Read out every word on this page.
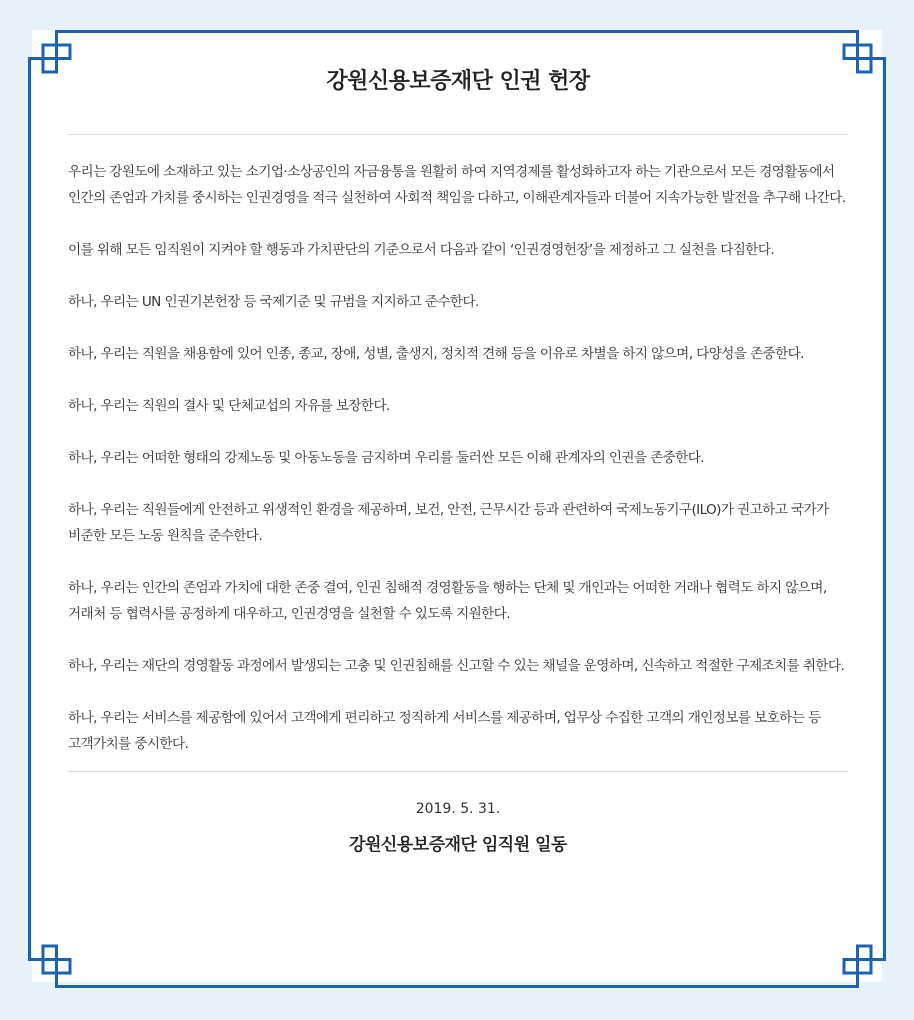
강원신용보증재단 인권 헌장

우리는 강원도에 소재하고 있는 소기업·소상공인의 자금융통을 원활히 하여 지역경제를 활성화하고자 하는 기관으로서 모든 경영활동에서 인간의 존엄과 가치를 중시하는 인권경영을 적극 실천하여 사회적 책임을 다하고, 이해관계자들과 더불어 지속가능한 발전을 추구해 나간다.

이를 위해 모든 임직원이 지켜야 할 행동과 가치판단의 기준으로서 다음과 같이 ‘인권경영헌장’을 제정하고 그 실천을 다짐한다.

하나, 우리는 UN 인권기본헌장 등 국제기준 및 규범을 지지하고 준수한다.

하나, 우리는 직원을 채용함에 있어 인종, 종교, 장애, 성별, 출생지, 정치적 견해 등을 이유로 차별을 하지 않으며, 다양성을 존중한다.

하나, 우리는 직원의 결사 및 단체교섭의 자유를 보장한다.

하나, 우리는 어떠한 형태의 강제노동 및 아동노동을 금지하며 우리를 둘러싼 모든 이해 관계자의 인권을 존중한다.

하나, 우리는 직원들에게 안전하고 위생적인 환경을 제공하며, 보건, 안전, 근무시간 등과 관련하여 국제노동기구(ILO)가 권고하고 국가가 비준한 모든 노동 원칙을 준수한다.

하나, 우리는 인간의 존엄과 가치에 대한 존중 결여, 인권 침해적 경영활동을 행하는 단체 및 개인과는 어떠한 거래나 협력도 하지 않으며, 거래처 등 협력사를 공정하게 대우하고, 인권경영을 실천할 수 있도록 지원한다.

하나, 우리는 재단의 경영활동 과정에서 발생되는 고충 및 인권침해를 신고할 수 있는 채널을 운영하며, 신속하고 적절한 구제조치를 취한다.

하나, 우리는 서비스를 제공함에 있어서 고객에게 편리하고 정직하게 서비스를 제공하며, 업무상 수집한 고객의 개인정보를 보호하는 등 고객가치를 중시한다.

2019. 5. 31.
강원신용보증재단 임직원 일동
